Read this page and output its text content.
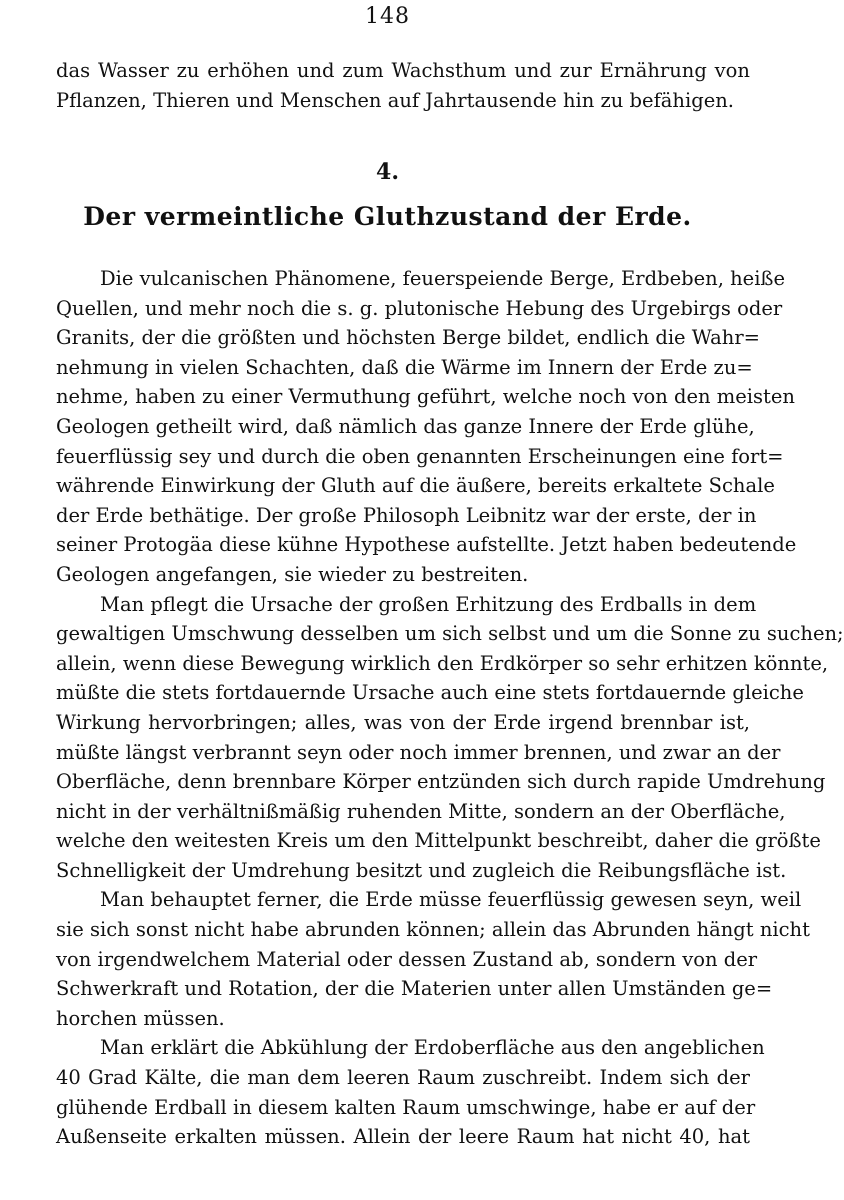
148
das Wasser zu erhöhen und zum Wachsthum und zur Ernährung von
Pflanzen, Thieren und Menschen auf Jahrtausende hin zu befähigen.
4.
Der vermeintliche Gluthzustand der Erde.
Die vulcanischen Phänomene, feuerspeiende Berge, Erdbeben, heiße
Quellen, und mehr noch die s. g. plutonische Hebung des Urgebirgs oder
Granits, der die größten und höchsten Berge bildet, endlich die Wahr=
nehmung in vielen Schachten, daß die Wärme im Innern der Erde zu=
nehme, haben zu einer Vermuthung geführt, welche noch von den meisten
Geologen getheilt wird, daß nämlich das ganze Innere der Erde glühe,
feuerflüssig sey und durch die oben genannten Erscheinungen eine fort=
währende Einwirkung der Gluth auf die äußere, bereits erkaltete Schale
der Erde bethätige. Der große Philosoph Leibnitz war der erste, der in
seiner Protogäa diese kühne Hypothese aufstellte. Jetzt haben bedeutende
Geologen angefangen, sie wieder zu bestreiten.
Man pflegt die Ursache der großen Erhitzung des Erdballs in dem
gewaltigen Umschwung desselben um sich selbst und um die Sonne zu suchen;
allein, wenn diese Bewegung wirklich den Erdkörper so sehr erhitzen könnte,
müßte die stets fortdauernde Ursache auch eine stets fortdauernde gleiche
Wirkung hervorbringen; alles, was von der Erde irgend brennbar ist,
müßte längst verbrannt seyn oder noch immer brennen, und zwar an der
Oberfläche, denn brennbare Körper entzünden sich durch rapide Umdrehung
nicht in der verhältnißmäßig ruhenden Mitte, sondern an der Oberfläche,
welche den weitesten Kreis um den Mittelpunkt beschreibt, daher die größte
Schnelligkeit der Umdrehung besitzt und zugleich die Reibungsfläche ist.
Man behauptet ferner, die Erde müsse feuerflüssig gewesen seyn, weil
sie sich sonst nicht habe abrunden können; allein das Abrunden hängt nicht
von irgendwelchem Material oder dessen Zustand ab, sondern von der
Schwerkraft und Rotation, der die Materien unter allen Umständen ge=
horchen müssen.
Man erklärt die Abkühlung der Erdoberfläche aus den angeblichen
40 Grad Kälte, die man dem leeren Raum zuschreibt. Indem sich der
glühende Erdball in diesem kalten Raum umschwinge, habe er auf der
Außenseite erkalten müssen. Allein der leere Raum hat nicht 40, hat
